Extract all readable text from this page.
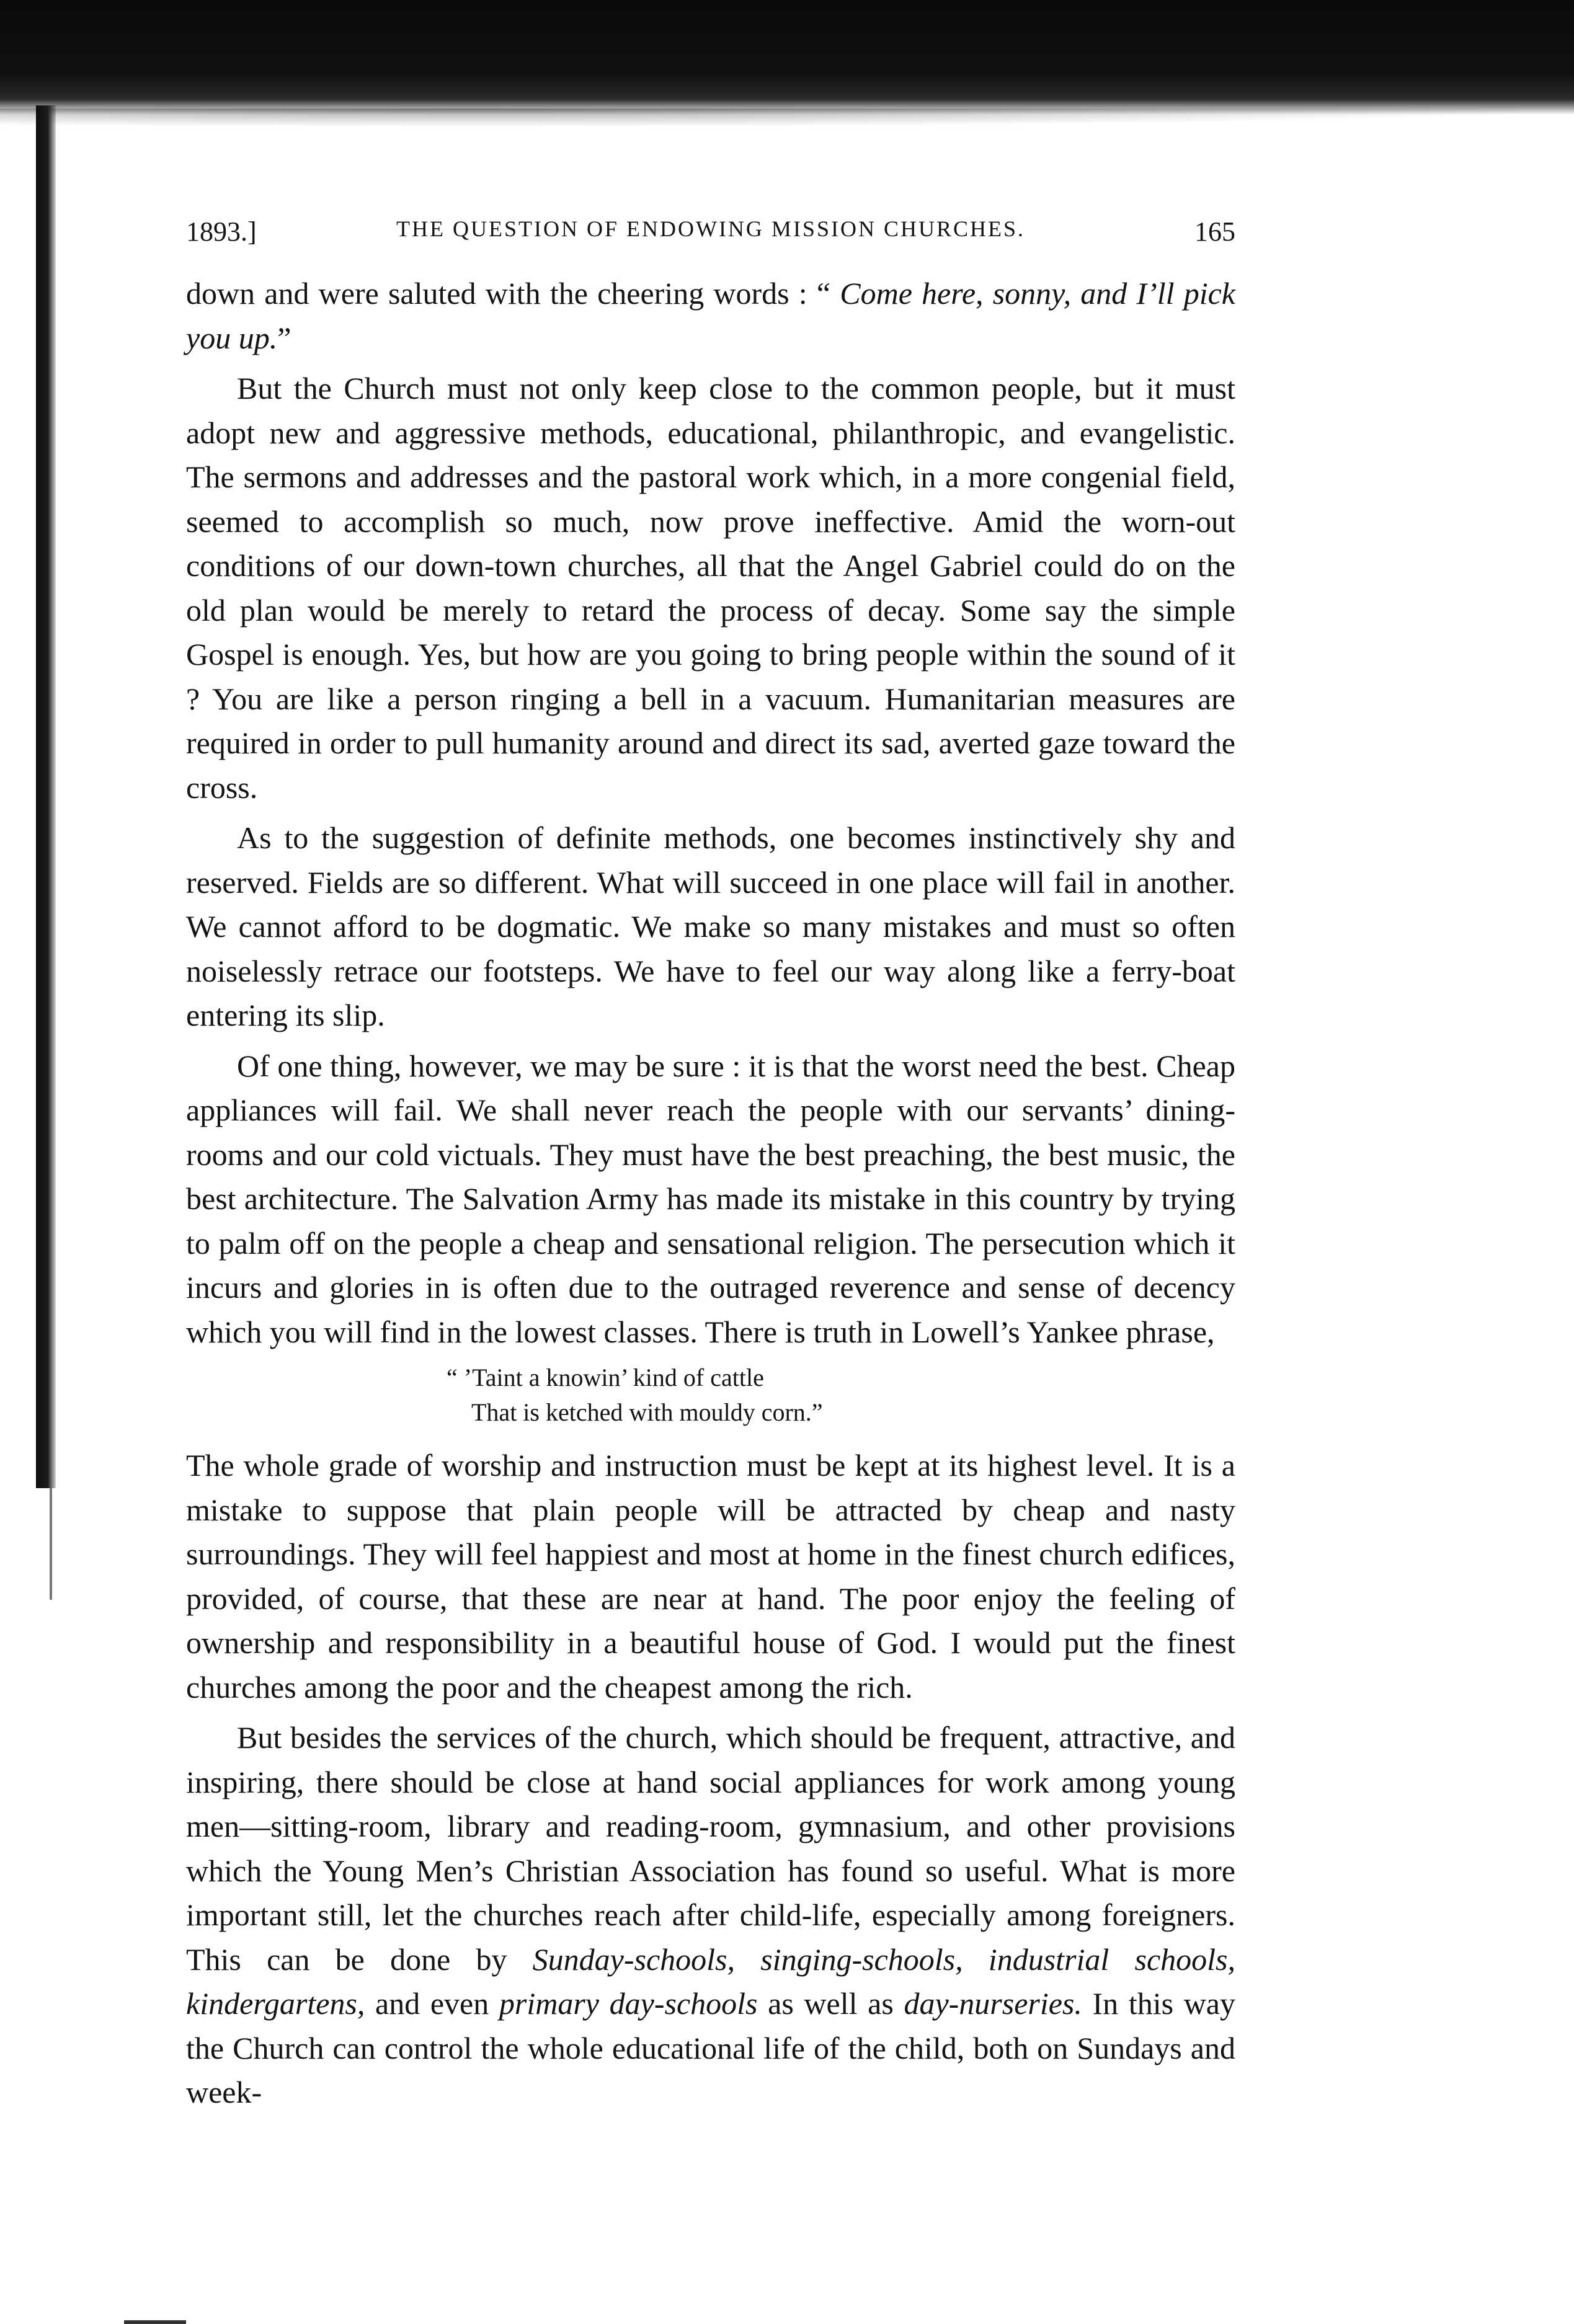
1893.]	THE QUESTION OF ENDOWING MISSION CHURCHES.	165

down and were saluted with the cheering words : “ Come here, sonny, and I’ll pick you up.”

But the Church must not only keep close to the common people, but it must adopt new and aggressive methods, educational, philanthropic, and evangelistic. The sermons and addresses and the pastoral work which, in a more congenial field, seemed to accomplish so much, now prove ineffective. Amid the worn-out conditions of our down-town churches, all that the Angel Gabriel could do on the old plan would be merely to retard the process of decay. Some say the simple Gospel is enough. Yes, but how are you going to bring people within the sound of it ? You are like a person ringing a bell in a vacuum. Humanitarian measures are required in order to pull humanity around and direct its sad, averted gaze toward the cross.

As to the suggestion of definite methods, one becomes instinctively shy and reserved. Fields are so different. What will succeed in one place will fail in another. We cannot afford to be dogmatic. We make so many mistakes and must so often noiselessly retrace our footsteps. We have to feel our way along like a ferry-boat entering its slip.

Of one thing, however, we may be sure : it is that the worst need the best. Cheap appliances will fail. We shall never reach the people with our servants’ dining-rooms and our cold victuals. They must have the best preaching, the best music, the best architecture. The Salvation Army has made its mistake in this country by trying to palm off on the people a cheap and sensational religion. The persecution which it incurs and glories in is often due to the outraged reverence and sense of decency which you will find in the lowest classes. There is truth in Lowell’s Yankee phrase,

“ ’Taint a knowin’ kind of cattle
That is ketched with mouldy corn.”

The whole grade of worship and instruction must be kept at its highest level. It is a mistake to suppose that plain people will be attracted by cheap and nasty surroundings. They will feel happiest and most at home in the finest church edifices, provided, of course, that these are near at hand. The poor enjoy the feeling of ownership and responsibility in a beautiful house of God. I would put the finest churches among the poor and the cheapest among the rich.

But besides the services of the church, which should be frequent, attractive, and inspiring, there should be close at hand social appliances for work among young men—sitting-room, library and reading-room, gymnasium, and other provisions which the Young Men’s Christian Association has found so useful. What is more important still, let the churches reach after child-life, especially among foreigners. This can be done by Sunday-schools, singing-schools, industrial schools, kindergartens, and even primary day-schools as well as day-nurseries. In this way the Church can control the whole educational life of the child, both on Sundays and week-
